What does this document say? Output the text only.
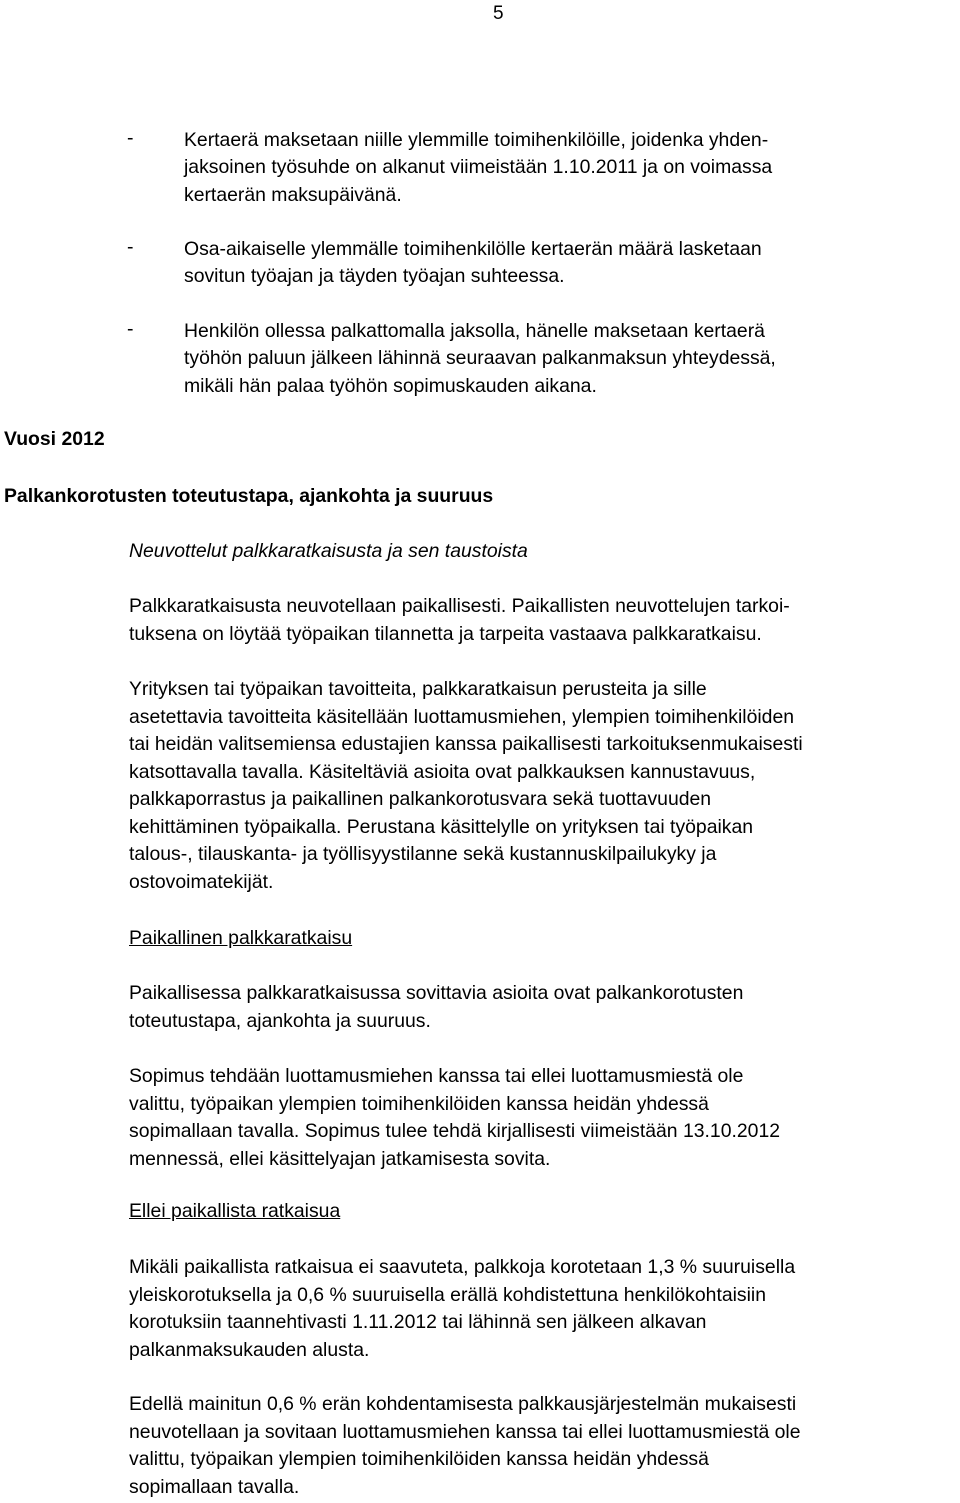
5
-	Kertaerä maksetaan niille ylemmille toimihenkilöille, joidenka yhden-
jaksoinen työsuhde on alkanut viimeistään 1.10.2011 ja on voimassa
kertaerän maksupäivänä.
-	Osa-aikaiselle ylemmälle toimihenkilölle kertaerän määrä lasketaan
sovitun työajan ja täyden työajan suhteessa.
-	Henkilön ollessa palkattomalla jaksolla, hänelle maksetaan kertaerä
työhön paluun jälkeen lähinnä seuraavan palkanmaksun yhteydessä,
mikäli hän palaa työhön sopimuskauden aikana.
Vuosi 2012
Palkankorotusten toteutustapa, ajankohta ja suuruus
Neuvottelut palkkaratkaisusta ja sen taustoista
Palkkaratkaisusta neuvotellaan paikallisesti. Paikallisten neuvottelujen tarkoi-
tuksena on löytää työpaikan tilannetta ja tarpeita vastaava palkkaratkaisu.
Yrityksen tai työpaikan tavoitteita, palkkaratkaisun perusteita ja sille
asetettavia tavoitteita käsitellään luottamusmiehen, ylempien toimihenkilöiden
tai heidän valitsemiensa edustajien kanssa paikallisesti tarkoituksenmukaisesti
katsottavalla tavalla. Käsiteltäviä asioita ovat palkkauksen kannustavuus,
palkkaporrastus ja paikallinen palkankorotusvara sekä tuottavuuden
kehittäminen työpaikalla. Perustana käsittelylle on yrityksen tai työpaikan
talous-, tilauskanta- ja työllisyystilanne sekä kustannuskilpailukyky ja
ostovoimatekijät.
Paikallinen palkkaratkaisu
Paikallisessa palkkaratkaisussa sovittavia asioita ovat palkankorotusten
toteutustapa, ajankohta ja suuruus.
Sopimus tehdään luottamusmiehen kanssa tai ellei luottamusmiestä ole
valittu, työpaikan ylempien toimihenkilöiden kanssa heidän yhdessä
sopimallaan tavalla. Sopimus tulee tehdä kirjallisesti viimeistään 13.10.2012
mennessä, ellei käsittelyajan jatkamisesta sovita.
Ellei paikallista ratkaisua
Mikäli paikallista ratkaisua ei saavuteta, palkkoja korotetaan 1,3 % suuruisella
yleiskorotuksella ja 0,6 % suuruisella erällä kohdistettuna henkilökohtaisiin
korotuksiin taannehtivasti 1.11.2012 tai lähinnä sen jälkeen alkavan
palkanmaksukauden alusta.
Edellä mainitun 0,6 % erän kohdentamisesta palkkausjärjestelmän mukaisesti
neuvotellaan ja sovitaan luottamusmiehen kanssa tai ellei luottamusmiestä ole
valittu, työpaikan ylempien toimihenkilöiden kanssa heidän yhdessä
sopimallaan tavalla.
